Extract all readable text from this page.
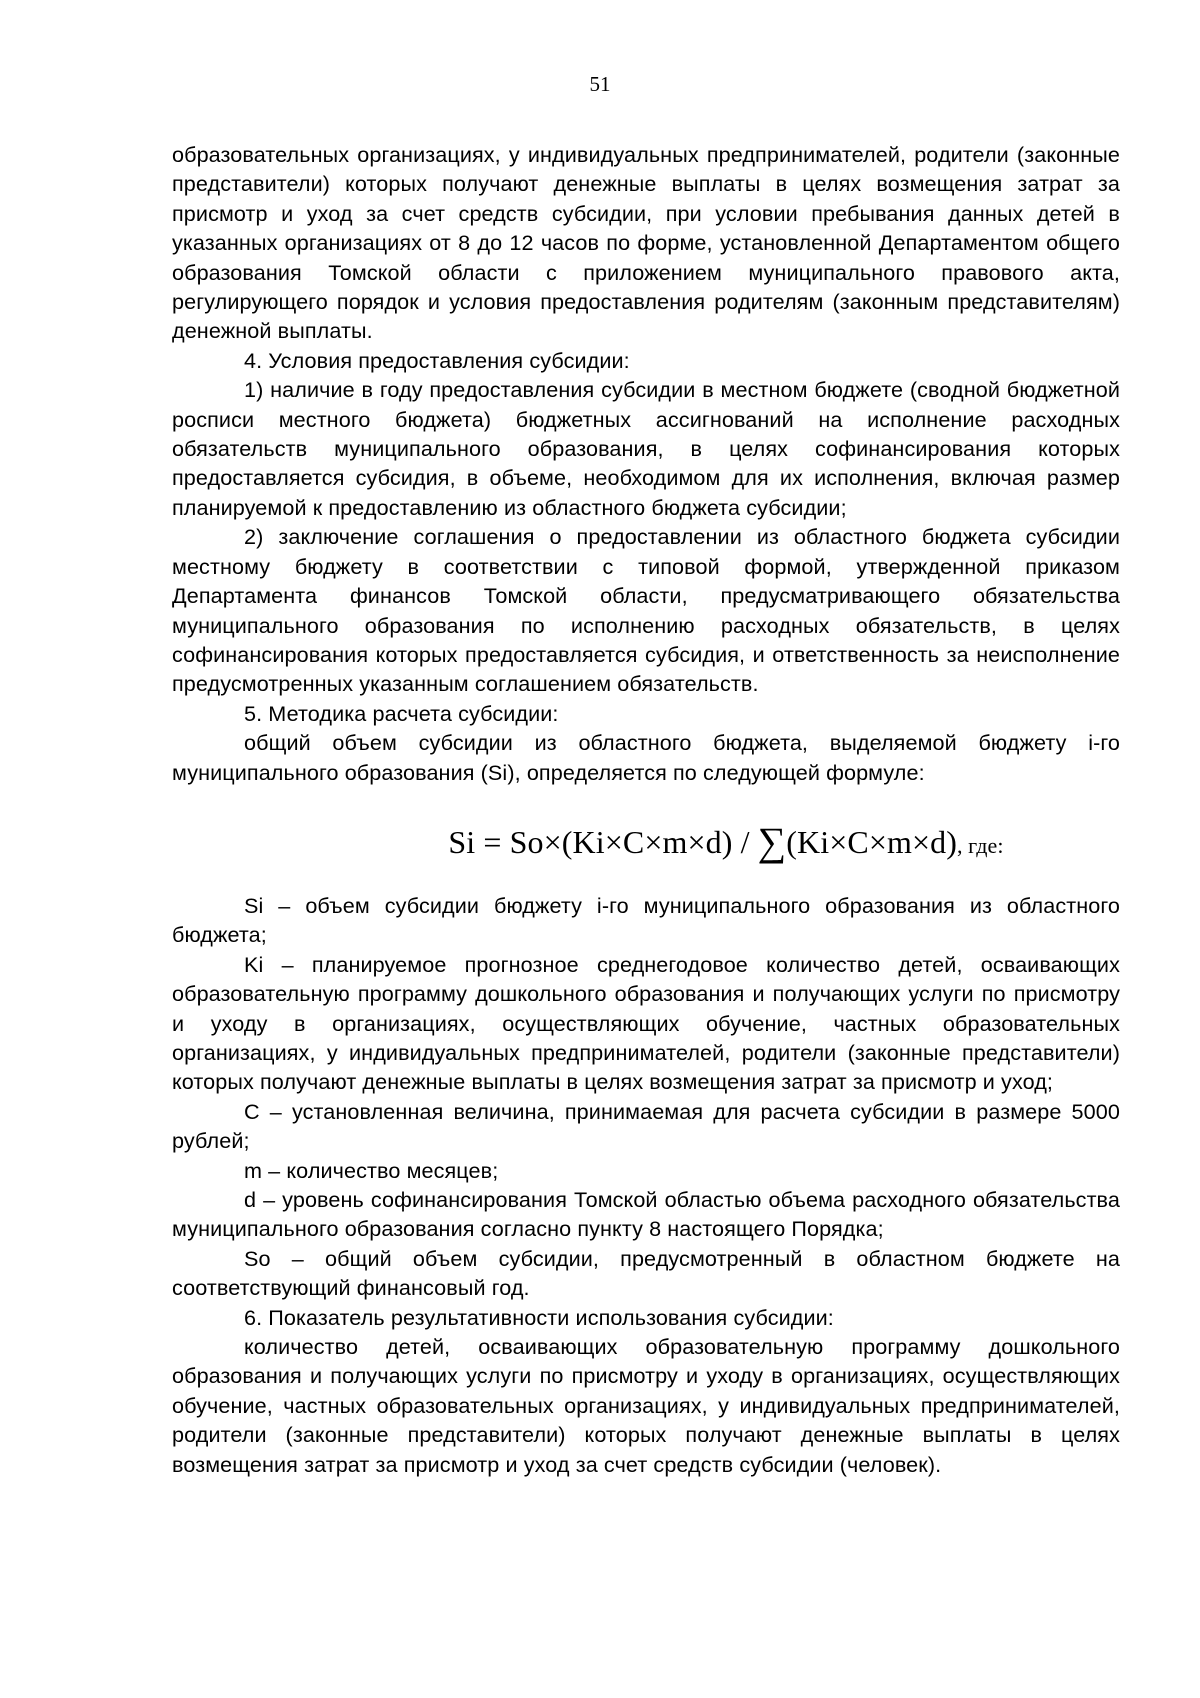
51

образовательных организациях, у индивидуальных предпринимателей, родители (законные представители) которых получают денежные выплаты в целях возмещения затрат за присмотр и уход за счет средств субсидии, при условии пребывания данных детей в указанных организациях от 8 до 12 часов по форме, установленной Департаментом общего образования Томской области с приложением муниципального правового акта, регулирующего порядок и условия предоставления родителям (законным представителям) денежной выплаты.

4. Условия предоставления субсидии:

1) наличие в году предоставления субсидии в местном бюджете (сводной бюджетной росписи местного бюджета) бюджетных ассигнований на исполнение расходных обязательств муниципального образования, в целях софинансирования которых предоставляется субсидия, в объеме, необходимом для их исполнения, включая размер планируемой к предоставлению из областного бюджета субсидии;

2) заключение соглашения о предоставлении из областного бюджета субсидии местному бюджету в соответствии с типовой формой, утвержденной приказом Департамента финансов Томской области, предусматривающего обязательства муниципального образования по исполнению расходных обязательств, в целях софинансирования которых предоставляется субсидия, и ответственность за неисполнение предусмотренных указанным соглашением обязательств.

5. Методика расчета субсидии:

общий объем субсидии из областного бюджета, выделяемой бюджету i-го муниципального образования (Si), определяется по следующей формуле:

Si = So×(Ki×C×m×d) / ∑(Ki×C×m×d), где:

Si – объем субсидии бюджету i-го муниципального образования из областного бюджета;

Ki – планируемое прогнозное среднегодовое количество детей, осваивающих образовательную программу дошкольного образования и получающих услуги по присмотру и уходу в организациях, осуществляющих обучение, частных образовательных организациях, у индивидуальных предпринимателей, родители (законные представители) которых получают денежные выплаты в целях возмещения затрат за присмотр и уход;

C – установленная величина, принимаемая для расчета субсидии в размере 5000 рублей;

m – количество месяцев;

d – уровень софинансирования Томской областью объема расходного обязательства муниципального образования согласно пункту 8 настоящего Порядка;

So – общий объем субсидии, предусмотренный в областном бюджете на соответствующий финансовый год.

6. Показатель результативности использования субсидии:

количество детей, осваивающих образовательную программу дошкольного образования и получающих услуги по присмотру и уходу в организациях, осуществляющих обучение, частных образовательных организациях, у индивидуальных предпринимателей, родители (законные представители) которых получают денежные выплаты в целях возмещения затрат за присмотр и уход за счет средств субсидии (человек).
